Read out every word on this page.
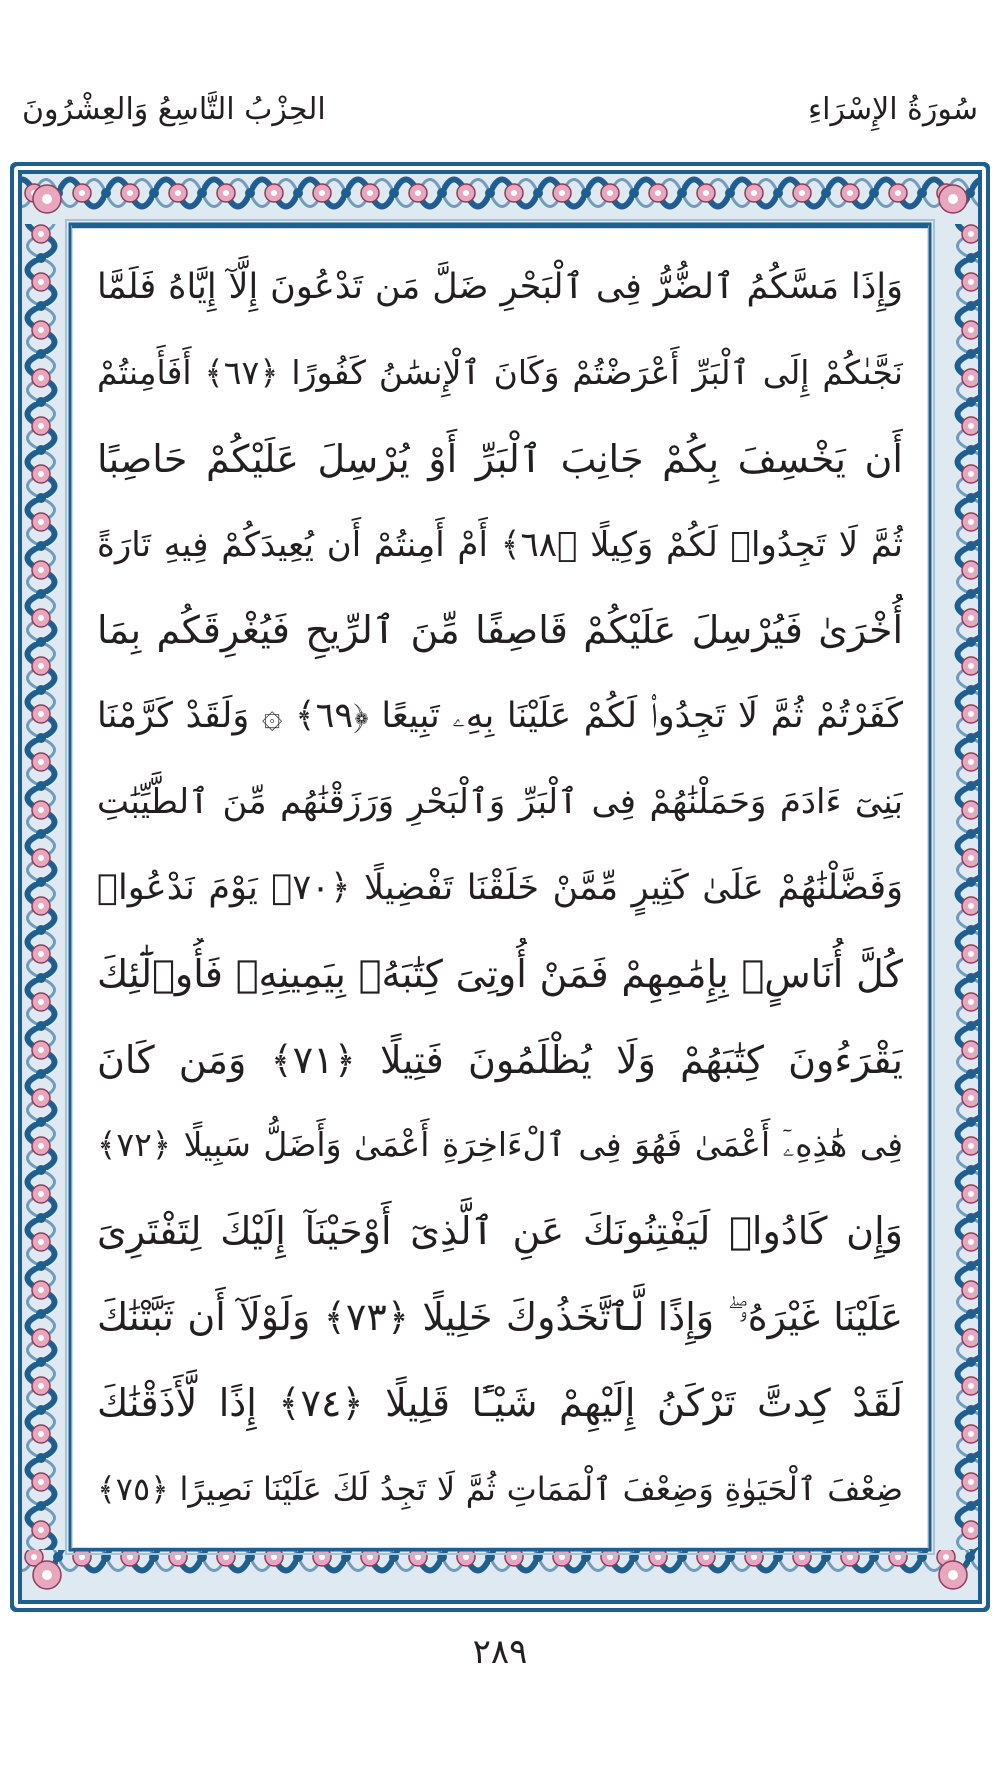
الحِزْبُ التَّاسِعُ وَالعِشْرُونَ	سُورَةُ الإِسْرَاءِ
وَإِذَا مَسَّكُمُ ٱلضُّرُّ فِى ٱلْبَحْرِ ضَلَّ مَن تَدْعُونَ إِلَّآ إِيَّاهُ فَلَمَّا
نَجَّىٰكُمْ إِلَى ٱلْبَرِّ أَعْرَضْتُمْ وَكَانَ ٱلْإِنسَٰنُ كَفُورًا ﴿٦٧﴾ أَفَأَمِنتُمْ
أَن يَخْسِفَ بِكُمْ جَانِبَ ٱلْبَرِّ أَوْ يُرْسِلَ عَلَيْكُمْ حَاصِبًا
ثُمَّ لَا تَجِدُوا۟ لَكُمْ وَكِيلًا ﴿٦٨﴾ أَمْ أَمِنتُمْ أَن يُعِيدَكُمْ فِيهِ تَارَةً
أُخْرَىٰ فَيُرْسِلَ عَلَيْكُمْ قَاصِفًا مِّنَ ٱلرِّيحِ فَيُغْرِقَكُم بِمَا
كَفَرْتُمْ ثُمَّ لَا تَجِدُوا۟ لَكُمْ عَلَيْنَا بِهِۦ تَبِيعًا ﴿٦٩﴾ ۞ وَلَقَدْ كَرَّمْنَا
بَنِىٓ ءَادَمَ وَحَمَلْنَٰهُمْ فِى ٱلْبَرِّ وَٱلْبَحْرِ وَرَزَقْنَٰهُم مِّنَ ٱلطَّيِّبَٰتِ
وَفَضَّلْنَٰهُمْ عَلَىٰ كَثِيرٍ مِّمَّنْ خَلَقْنَا تَفْضِيلًا ﴿٧٠﴾ يَوْمَ نَدْعُوا۟
كُلَّ أُنَاسٍۭ بِإِمَٰمِهِمْ فَمَنْ أُوتِىَ كِتَٰبَهُۥ بِيَمِينِهِۦ فَأُو۟لَٰٓئِكَ
يَقْرَءُونَ كِتَٰبَهُمْ وَلَا يُظْلَمُونَ فَتِيلًا ﴿٧١﴾ وَمَن كَانَ
فِى هَٰذِهِۦٓ أَعْمَىٰ فَهُوَ فِى ٱلْءَاخِرَةِ أَعْمَىٰ وَأَضَلُّ سَبِيلًا ﴿٧٢﴾
وَإِن كَادُوا۟ لَيَفْتِنُونَكَ عَنِ ٱلَّذِىٓ أَوْحَيْنَآ إِلَيْكَ لِتَفْتَرِىَ
عَلَيْنَا غَيْرَهُۥ ۖ وَإِذًا لَّٱتَّخَذُوكَ خَلِيلًا ﴿٧٣﴾ وَلَوْلَآ أَن ثَبَّتْنَٰكَ
لَقَدْ كِدتَّ تَرْكَنُ إِلَيْهِمْ شَيْـًٔا قَلِيلًا ﴿٧٤﴾ إِذًا لَّأَذَقْنَٰكَ
ضِعْفَ ٱلْحَيَوٰةِ وَضِعْفَ ٱلْمَمَاتِ ثُمَّ لَا تَجِدُ لَكَ عَلَيْنَا نَصِيرًا ﴿٧٥﴾
٢٨٩
